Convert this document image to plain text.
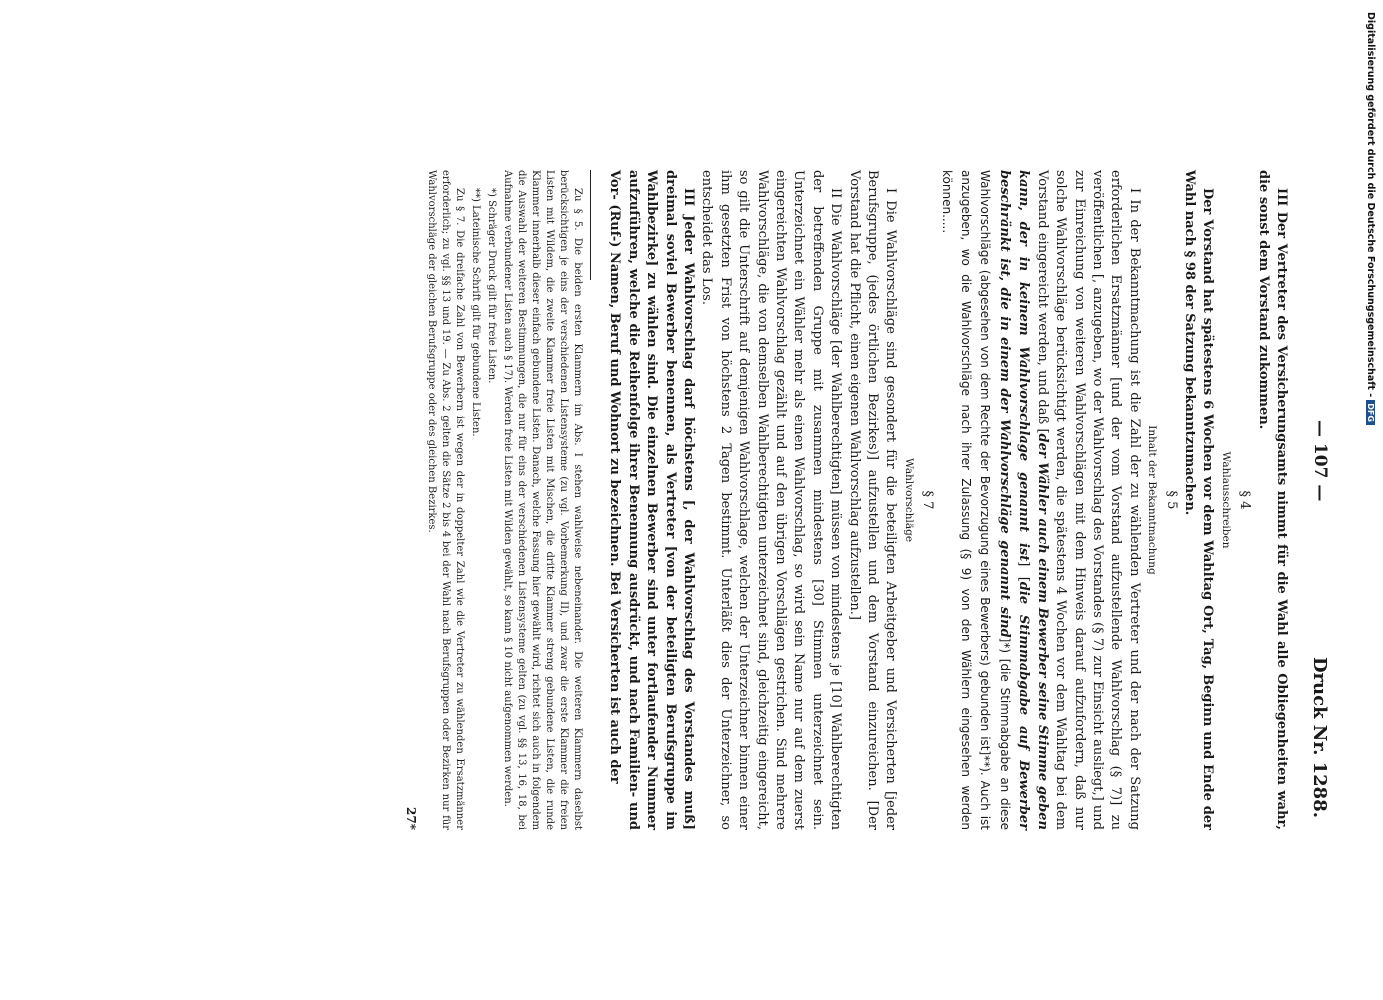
— 107 —
Druck Nr. 1288.

III Der Vertreter des Versicherungsamts nimmt für die Wahl alle Obliegenheiten wahr, die sonst dem Vorstand zukommen.

§ 4

Wahlausschreiben

Der Vorstand hat spätestens 6 Wochen vor dem Wahltag Ort, Tag, Beginn und Ende der Wahl nach § 98 der Satzung bekanntzumachen.

§ 5

Inhalt der Bekanntmachung

I In der Bekanntmachung ist die Zahl der zu wählenden Vertreter und der nach der Satzung erforderlichen Ersatzmänner [und der vom Vorstand aufzustellende Wahlvorschlag (§ 7)] zu veröffentlichen [, anzugeben, wo der Wahlvorschlag des Vorstandes (§ 7) zur Einsicht ausliegt,] und zur Einreichung von weiteren Wahlvorschlägen mit dem Hinweis darauf aufzufordern, daß nur solche Wahlvorschläge berücksichtigt werden, die spätestens 4 Wochen vor dem Wahltag bei dem Vorstand eingereicht werden, und daß [der Wähler auch einem Bewerber seine Stimme geben kann, der in keinem Wahlvorschlage genannt ist] [die Stimmabgabe auf Bewerber beschränkt ist, die in einem der Wahlvorschläge genannt sind]*) [die Stimmabgabe an diese Wahlvorschläge (abgesehen von dem Rechte der Bevorzugung eines Bewerbers) gebunden ist]**). Auch ist anzugeben, wo die Wahlvorschläge nach ihrer Zulassung (§ 9) von den Wählern eingesehen werden können.....

§ 7

Wahlvorschläge

I Die Wahlvorschläge sind gesondert für die beteiligten Arbeitgeber und Versicherten [jeder Berufsgruppe, (jedes örtlichen Bezirkes)] aufzustellen und dem Vorstand einzureichen. [Der Vorstand hat die Pflicht, einen eigenen Wahlvorschlag aufzustellen.]

II Die Wahlvorschläge [der Wahlberechtigten] müssen von mindestens je [10] Wahlberechtigten der betreffenden Gruppe mit zusammen mindestens [30] Stimmen unterzeichnet sein. Unterzeichnet ein Wähler mehr als einen Wahlvorschlag, so wird sein Name nur auf dem zuerst eingereichten Wahlvorschlag gezählt und auf den übrigen Vorschlägen gestrichen. Sind mehrere Wahlvorschläge, die von demselben Wahlberechtigten unterzeichnet sind, gleichzeitig eingereicht, so gilt die Unterschrift auf demjenigen Wahlvorschlage, welchen der Unterzeichner binnen einer ihm gesetzten Frist von höchstens 2 Tagen bestimmt. Unterläßt dies der Unterzeichner, so entscheidet das Los.

III Jeder Wahlvorschlag darf höchstens [, der Wahlvorschlag des Vorstandes muß] dreimal soviel Bewerber benennen, als Vertreter [von der beteiligten Berufsgruppe im Wahlbezirke] zu wählen sind. Die einzelnen Bewerber sind unter fortlaufender Nummer aufzuführen, welche die Reihenfolge ihrer Benennung ausdrückt, und nach Familien- und Vor- (Ruf-) Namen, Beruf und Wohnort zu bezeichnen. Bei Versicherten ist auch der

Zu § 5. Die beiden ersten Klammern im Abs. I stehen wahlweise nebeneinander. Die weiteren Klammern daselbst berücksichtigen je eins der verschiedenen Listensysteme (zu vgl. Vorbemerkung II), und zwar die erste Klammer die freien Listen mit Wildem, die zweite Klammer freie Listen mit Mischen, die dritte Klammer streng gebundene Listen, die runde Klammer innerhalb dieser einfach gebundene Listen. Danach, welche Fassung hier gewählt wird, richtet sich auch in folgendem die Auswahl der weiteren Bestimmungen, die nur für eins der verschiedenen Listensysteme gelten (zu vgl. §§ 13, 16, 18, bei Aufnahme verbundener Listen auch § 17). Werden freie Listen mit Wilden gewählt, so kann § 10 nicht aufgenommen werden.

*) Schräger Druck gilt für freie Listen.

**) Lateinische Schrift gilt für gebundene Listen.

Zu § 7. Die dreifache Zahl von Bewerbern ist wegen der in doppelter Zahl wie die Vertreter zu wählenden Ersatzmänner erforderlich; zu vgl. §§ 13 und 19. — Zu Abs. 2 gelten die Sätze 2 bis 4 bei der Wahl nach Berufsgruppen oder Bezirken nur für Wahlvorschläge der gleichen Berufsgruppe oder des gleichen Bezirkes.

27*
Digitalisierung gefördert durch die Deutsche Forschungsgemeinschaft -DFG
